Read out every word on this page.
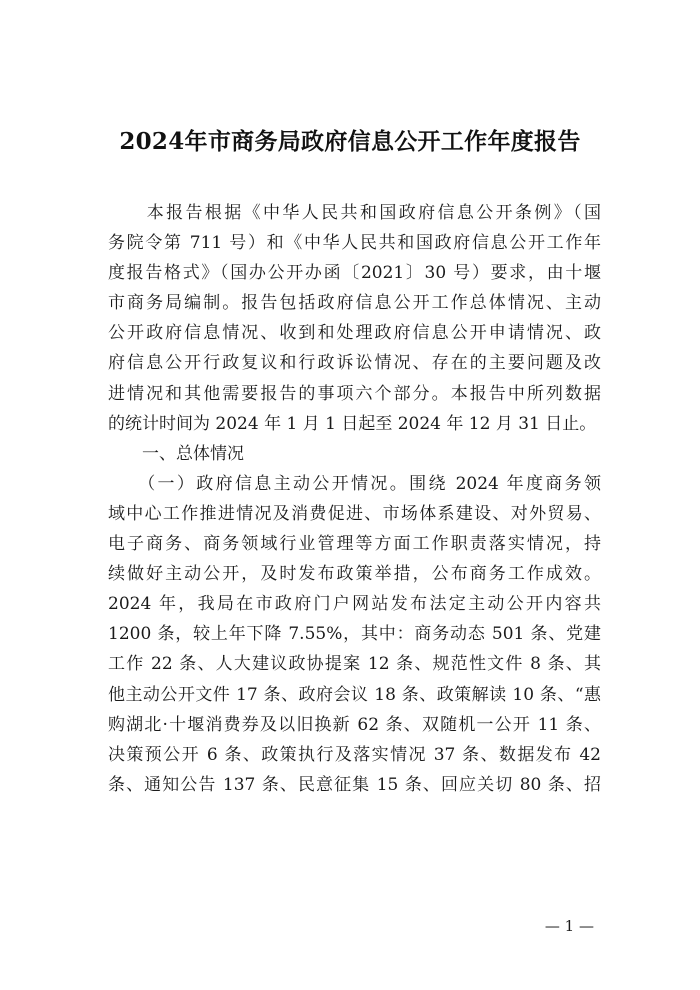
2024年市商务局政府信息公开工作年度报告
　　本报告根据《中华人民共和国政府信息公开条例》（国
务院令第 711 号）和《中华人民共和国政府信息公开工作年
度报告格式》（国办公开办函〔2021〕30 号）要求，由十堰
市商务局编制。报告包括政府信息公开工作总体情况、主动
公开政府信息情况、收到和处理政府信息公开申请情况、政
府信息公开行政复议和行政诉讼情况、存在的主要问题及改
进情况和其他需要报告的事项六个部分。本报告中所列数据
的统计时间为 2024 年 1 月 1 日起至 2024 年 12 月 31 日止。
　　一、总体情况
　　（一）政府信息主动公开情况。围绕 2024 年度商务领
域中心工作推进情况及消费促进、市场体系建设、对外贸易、
电子商务、商务领域行业管理等方面工作职责落实情况，持
续做好主动公开，及时发布政策举措，公布商务工作成效。
2024 年，我局在市政府门户网站发布法定主动公开内容共
1200 条，较上年下降 7.55%，其中：商务动态 501 条、党建
工作 22 条、人大建议政协提案 12 条、规范性文件 8 条、其
他主动公开文件 17 条、政府会议 18 条、政策解读 10 条、“惠
购湖北·十堰消费券及以旧换新 62 条、双随机一公开 11 条、
决策预公开 6 条、政策执行及落实情况 37 条、数据发布 42
条、通知公告 137 条、民意征集 15 条、回应关切 80 条、招
— 1 —
